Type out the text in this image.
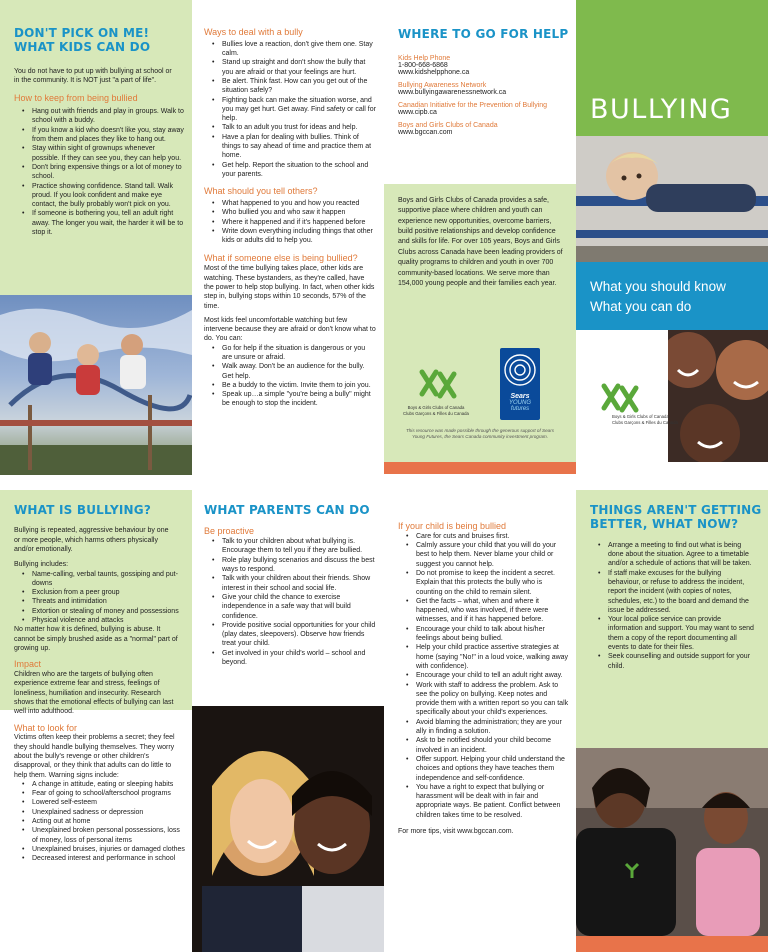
DON'T PICK ON ME!
WHAT KIDS CAN DO
You do not have to put up with bullying at school or in the community. It is NOT just "a part of life".
How to keep from being bullied
• Hang out with friends and play in groups. Walk to school with a buddy.
• If you know a kid who doesn't like you, stay away from them and places they like to hang out.
• Stay within sight of grownups whenever possible. If they can see you, they can help you.
• Don't bring expensive things or a lot of money to school.
• Practice showing confidence. Stand tall. Walk proud. If you look confident and make eye contact, the bully probably won't pick on you.
• If someone is bothering you, tell an adult right away. The longer you wait, the harder it will be to stop it.
Ways to deal with a bully
• Bullies love a reaction, don't give them one. Stay calm.
• Stand up straight and don't show the bully that you are afraid or that your feelings are hurt.
• Be alert. Think fast. How can you get out of the situation safely?
• Fighting back can make the situation worse, and you may get hurt. Get away. Find safety or call for help.
• Talk to an adult you trust for ideas and help.
• Have a plan for dealing with bullies. Think of things to say ahead of time and practice them at home.
• Get help. Report the situation to the school and your parents.
What should you tell others?
• What happened to you and how you reacted
• Who bullied you and who saw it happen
• Where it happened and if it's happened before
• Write down everything including things that other kids or adults did to help you.
What if someone else is being bullied?
Most of the time bullying takes place, other kids are watching. These bystanders, as they're called, have the power to help stop bullying. In fact, when other kids step in, bullying stops within 10 seconds, 57% of the time.
Most kids feel uncomfortable watching but few intervene because they are afraid or don't know what to do. You can:
• Go for help if the situation is dangerous or you are unsure or afraid.
• Walk away. Don't be an audience for the bully. Get help.
• Be a buddy to the victim. Invite them to join you.
• Speak up…a simple "you're being a bully" might be enough to stop the incident.
WHERE TO GO FOR HELP
Kids Help Phone
1-800-668-6868
www.kidshelpphone.ca
Bullying Awareness Network
www.bullyingawarenessnetwork.ca
Canadian Initiative for the Prevention of Bullying
www.cipb.ca
Boys and Girls Clubs of Canada
www.bgccan.com
Boys and Girls Clubs of Canada provides a safe, supportive place where children and youth can experience new opportunities, overcome barriers, build positive relationships and develop confidence and skills for life. For over 105 years, Boys and Girls Clubs across Canada have been leading providers of quality programs to children and youth in over 700 community-based locations. We serve more than 154,000 young people and their families each year.
Boys & Girls Clubs of Canada
Clubs Garçons & Filles du Canada
Sears
YOUNG
futures
Boys & Girls Clubs of Canada
Clubs Garçons & Filles du Canada
This resource was made possible through the generous support of Sears Young Futures, the Sears Canada community investment program.
BULLYING
What you should know
What you can do
WHAT IS BULLYING?
Bullying is repeated, aggressive behaviour by one or more people, which harms others physically and/or emotionally.
Bullying includes:
• Name-calling, verbal taunts, gossiping and put-downs
• Exclusion from a peer group
• Threats and intimidation
• Extortion or stealing of money and possessions
• Physical violence and attacks
No matter how it is defined, bullying is abuse. It cannot be simply brushed aside as a "normal" part of growing up.
Impact
Children who are the targets of bullying often experience extreme fear and stress, feelings of loneliness, humiliation and insecurity. Research shows that the emotional effects of bullying can last well into adulthood.
What to look for
Victims often keep their problems a secret; they feel they should handle bullying themselves. They worry about the bully's revenge or other children's disapproval, or they think that adults can do little to help them. Warning signs include:
• A change in attitude, eating or sleeping habits
• Fear of going to school/afterschool programs
• Lowered self-esteem
• Unexplained sadness or depression
• Acting out at home
• Unexplained broken personal possessions, loss of money, loss of personal items
• Unexplained bruises, injuries or damaged clothes
• Decreased interest and performance in school
WHAT PARENTS CAN DO
Be proactive
• Talk to your children about what bullying is. Encourage them to tell you if they are bullied.
• Role play bullying scenarios and discuss the best ways to respond.
• Talk with your children about their friends. Show interest in their school and social life.
• Give your child the chance to exercise independence in a safe way that will build confidence.
• Provide positive social opportunities for your child (play dates, sleepovers). Observe how friends treat your child.
• Get involved in your child's world – school and beyond.
If your child is being bullied
• Care for cuts and bruises first.
• Calmly assure your child that you will do your best to help them. Never blame your child or suggest you cannot help.
• Do not promise to keep the incident a secret. Explain that this protects the bully who is counting on the child to remain silent.
• Get the facts – what, when and where it happened, who was involved, if there were witnesses, and if it has happened before.
• Encourage your child to talk about his/her feelings about being bullied.
• Help your child practice assertive strategies at home (saying "No!" in a loud voice, walking away with confidence).
• Encourage your child to tell an adult right away.
• Work with staff to address the problem. Ask to see the policy on bullying. Keep notes and provide them with a written report so you can talk specifically about your child's experiences.
• Avoid blaming the administration; they are your ally in finding a solution.
• Ask to be notified should your child become involved in an incident.
• Offer support. Helping your child understand the choices and options they have teaches them independence and self-confidence.
• You have a right to expect that bullying or harassment will be dealt with in fair and appropriate ways. Be patient. Conflict between children takes time to be resolved.
For more tips, visit www.bgccan.com.
THINGS AREN'T GETTING
BETTER, WHAT NOW?
• Arrange a meeting to find out what is being done about the situation. Agree to a timetable and/or a schedule of actions that will be taken.
• If staff make excuses for the bullying behaviour, or refuse to address the incident, report the incident (with copies of notes, schedules, etc.) to the board and demand the issue be addressed.
• Your local police service can provide information and support. You may want to send them a copy of the report documenting all events to date for their files.
• Seek counselling and outside support for your child.
